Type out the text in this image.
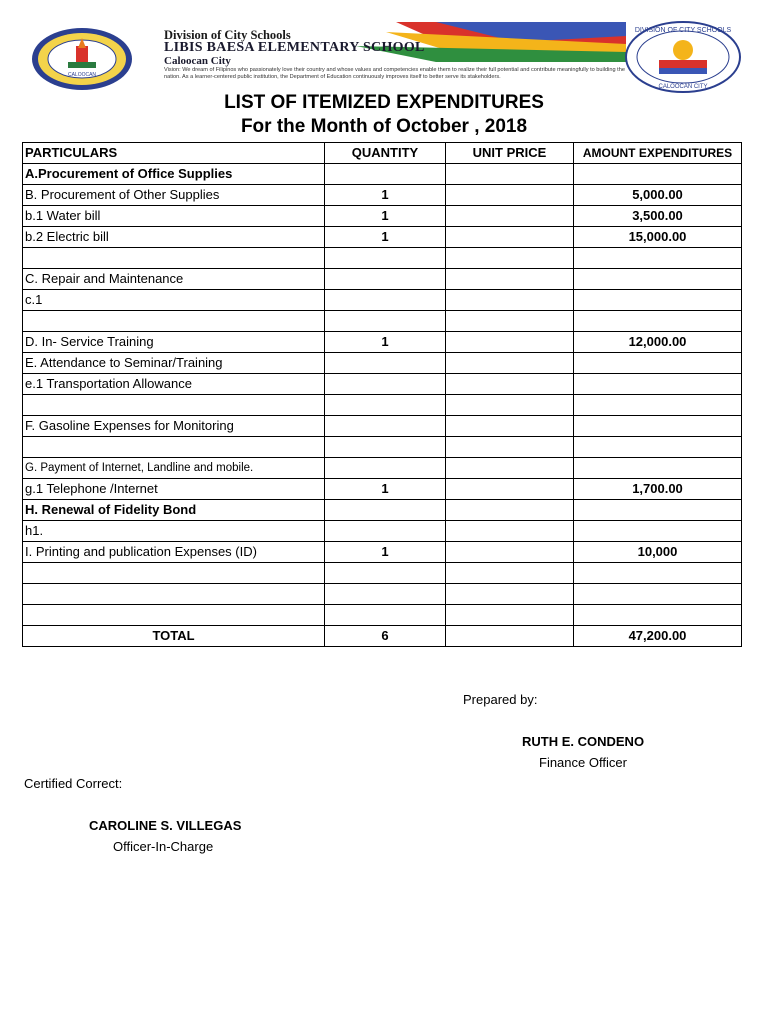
CALOOCAN
Division of City Schools
LIBIS BAESA ELEMENTARY SCHOOL
Caloocan City
Vision: We dream of Filipinos who passionately love their country and whose values and competencies enable them to realize their full potential and contribute meaningfully to building the nation. As a learner-centered public institution, the Department of Education continuously improves itself to better serve its stakeholders.
DIVISION OF CITY SCHOOLS
CALOOCAN CITY
LIST OF ITEMIZED EXPENDITURES
For the Month of October , 2018
PARTICULARS	QUANTITY	UNIT PRICE	AMOUNT EXPENDITURES
A.Procurement of Office Supplies			
B. Procurement of Other Supplies	1		5,000.00
b.1 Water bill	1		3,500.00
b.2 Electric bill	1		15,000.00

C. Repair and Maintenance			
c.1			

D. In- Service Training	1		12,000.00
E. Attendance to Seminar/Training			
e.1 Transportation Allowance			

F. Gasoline Expenses for Monitoring			

G. Payment of Internet, Landline and mobile.			
g.1 Telephone /Internet	1		1,700.00
H. Renewal of Fidelity Bond			
h1.			
I. Printing and publication Expenses (ID)	1		10,000

TOTAL	6		47,200.00
Prepared by:
RUTH E. CONDENO
Finance Officer
Certified Correct:
CAROLINE S. VILLEGAS
Officer-In-Charge
